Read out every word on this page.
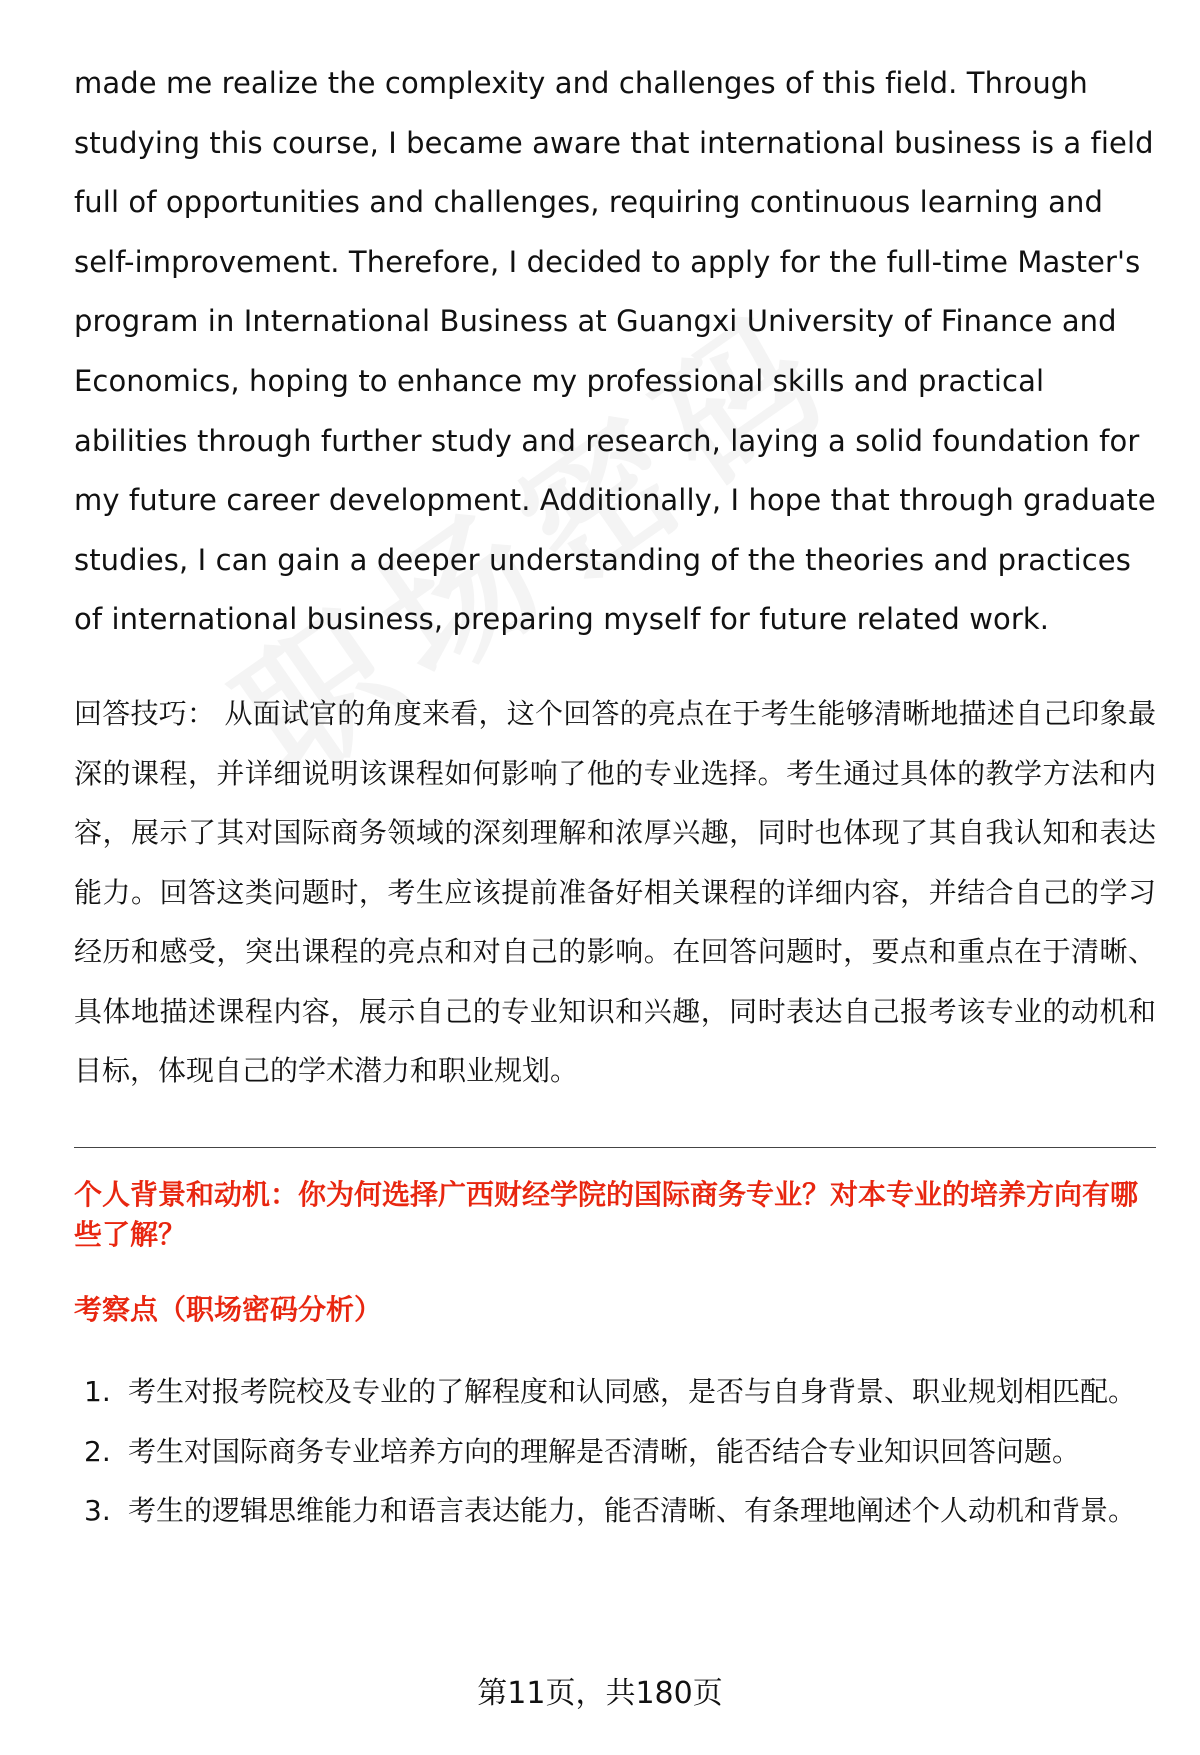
made me realize the complexity and challenges of this field. Through studying this course, I became aware that international business is a field full of opportunities and challenges, requiring continuous learning and self-improvement. Therefore, I decided to apply for the full-time Master's program in International Business at Guangxi University of Finance and Economics, hoping to enhance my professional skills and practical abilities through further study and research, laying a solid foundation for my future career development. Additionally, I hope that through graduate studies, I can gain a deeper understanding of the theories and practices of international business, preparing myself for future related work.

回答技巧： 从面试官的角度来看，这个回答的亮点在于考生能够清晰地描述自己印象最深的课程，并详细说明该课程如何影响了他的专业选择。考生通过具体的教学方法和内容，展示了其对国际商务领域的深刻理解和浓厚兴趣，同时也体现了其自我认知和表达能力。回答这类问题时，考生应该提前准备好相关课程的详细内容，并结合自己的学习经历和感受，突出课程的亮点和对自己的影响。在回答问题时，要点和重点在于清晰、具体地描述课程内容，展示自己的专业知识和兴趣，同时表达自己报考该专业的动机和目标，体现自己的学术潜力和职业规划。

个人背景和动机：你为何选择广西财经学院的国际商务专业？对本专业的培养方向有哪些了解？

考察点（职场密码分析）

1. 考生对报考院校及专业的了解程度和认同感，是否与自身背景、职业规划相匹配。
2. 考生对国际商务专业培养方向的理解是否清晰，能否结合专业知识回答问题。
3. 考生的逻辑思维能力和语言表达能力，能否清晰、有条理地阐述个人动机和背景。
第11页，共180页
